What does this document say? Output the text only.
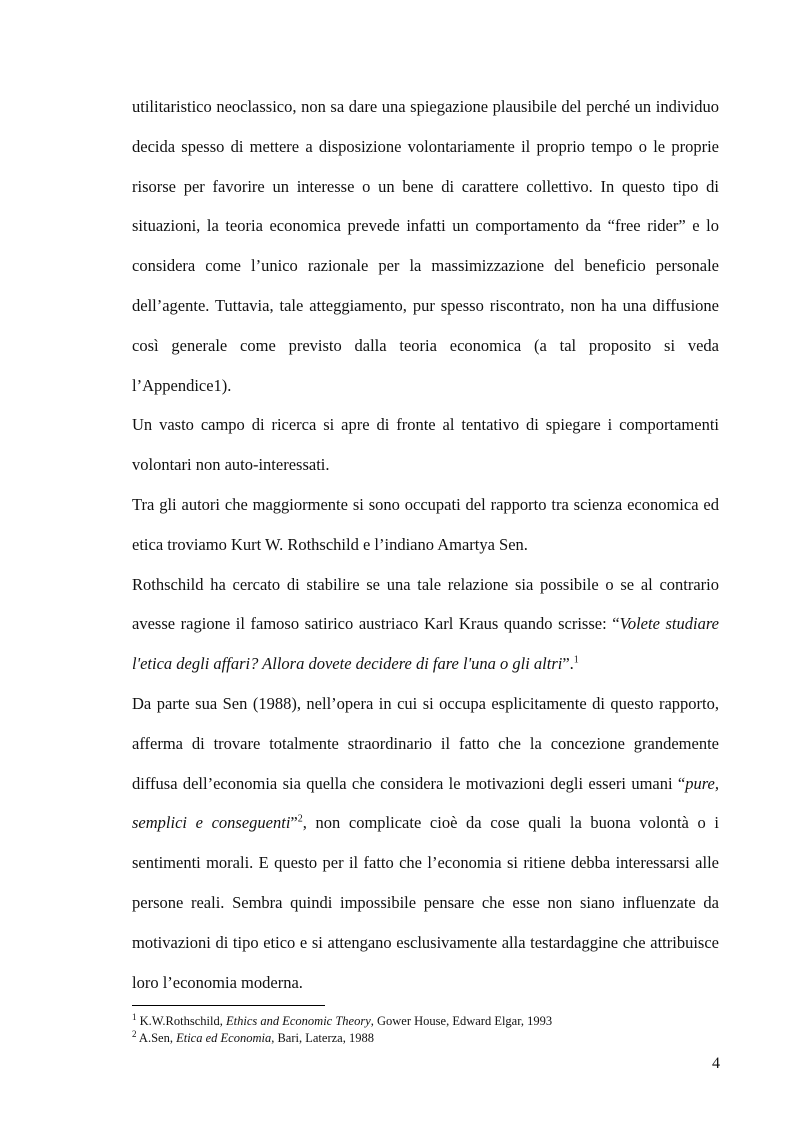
utilitaristico neoclassico, non sa dare una spiegazione plausibile del perché un individuo decida spesso di mettere a disposizione volontariamente il proprio tempo o le proprie risorse per favorire un interesse o un bene di carattere collettivo. In questo tipo di situazioni, la teoria economica prevede infatti un comportamento da “free rider” e lo considera come l’unico razionale per la massimizzazione del beneficio personale dell’agente. Tuttavia, tale atteggiamento, pur spesso riscontrato, non ha una diffusione così generale come previsto dalla teoria economica (a tal proposito si veda l’Appendice1).

Un vasto campo di ricerca si apre di fronte al tentativo di spiegare i comportamenti volontari non auto-interessati.

Tra gli autori che maggiormente si sono occupati del rapporto tra scienza economica ed etica troviamo Kurt W. Rothschild e l’indiano Amartya Sen.

Rothschild ha cercato di stabilire se una tale relazione sia possibile o se al contrario avesse ragione il famoso satirico austriaco Karl Kraus quando scrisse: “Volete studiare l'etica degli affari? Allora dovete decidere di fare l'una o gli altri”.$^1$

Da parte sua Sen (1988), nell’opera in cui si occupa esplicitamente di questo rapporto, afferma di trovare totalmente straordinario il fatto che la concezione grandemente diffusa dell’economia sia quella che considera le motivazioni degli esseri umani “pure, semplici e conseguenti”$^2$, non complicate cioè da cose quali la buona volontà o i sentimenti morali. E questo per il fatto che l’economia si ritiene debba interessarsi alle persone reali. Sembra quindi impossibile pensare che esse non siano influenzate da motivazioni di tipo etico e si attengano esclusivamente alla testardaggine che attribuisce loro l’economia moderna.

$^1$ K.W.Rothschild, Ethics and Economic Theory, Gower House, Edward Elgar, 1993

$^2$ A.Sen, Etica ed Economia, Bari, Laterza, 1988

4
